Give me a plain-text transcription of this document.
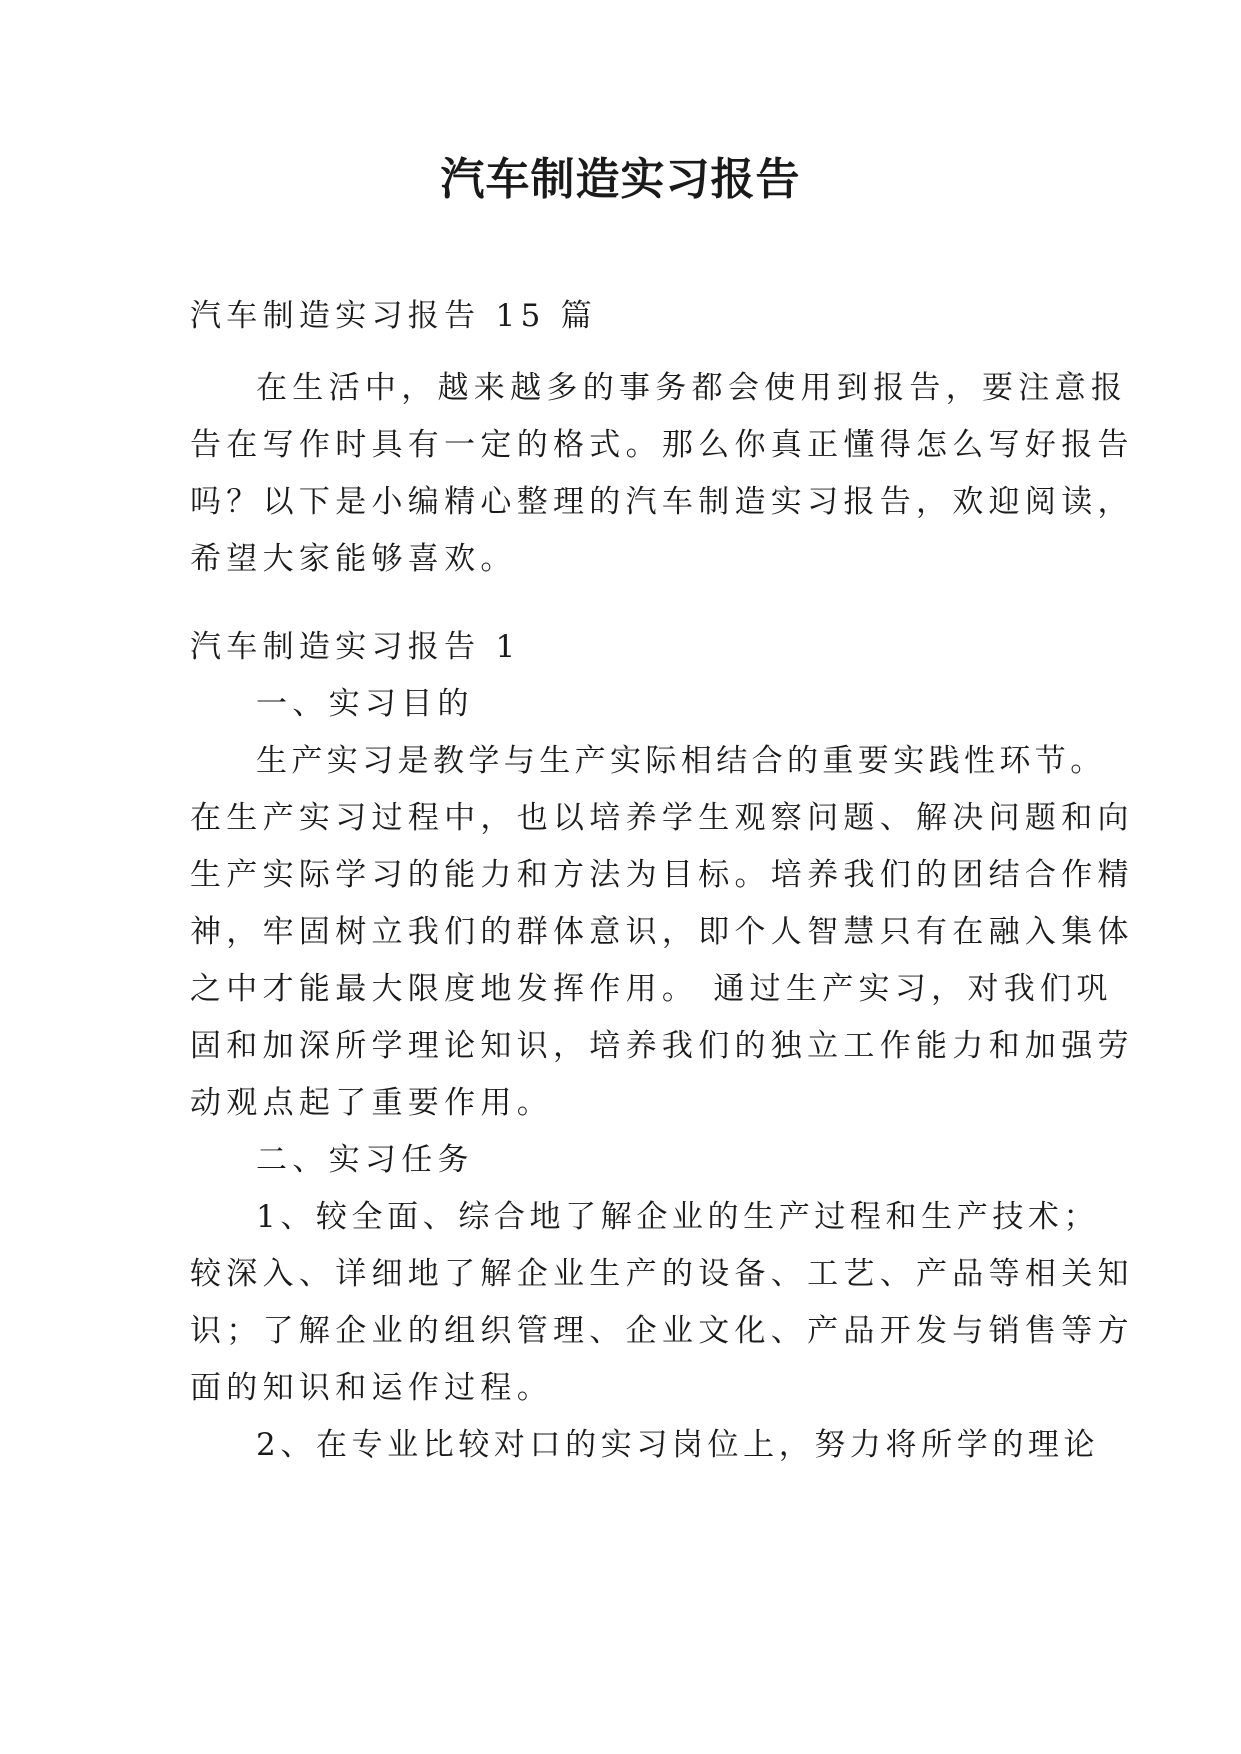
汽车制造实习报告

汽车制造实习报告 15 篇

在生活中，越来越多的事务都会使用到报告，要注意报

告在写作时具有一定的格式。那么你真正懂得怎么写好报告

吗？以下是小编精心整理的汽车制造实习报告，欢迎阅读，

希望大家能够喜欢。

汽车制造实习报告 1

一、实习目的

生产实习是教学与生产实际相结合的重要实践性环节。

在生产实习过程中，也以培养学生观察问题、解决问题和向

生产实际学习的能力和方法为目标。培养我们的团结合作精

神，牢固树立我们的群体意识，即个人智慧只有在融入集体

之中才能最大限度地发挥作用。 通过生产实习，对我们巩

固和加深所学理论知识，培养我们的独立工作能力和加强劳

动观点起了重要作用。

二、实习任务

1、较全面、综合地了解企业的生产过程和生产技术；

较深入、详细地了解企业生产的设备、工艺、产品等相关知

识；了解企业的组织管理、企业文化、产品开发与销售等方

面的知识和运作过程。

2、在专业比较对口的实习岗位上，努力将所学的理论
